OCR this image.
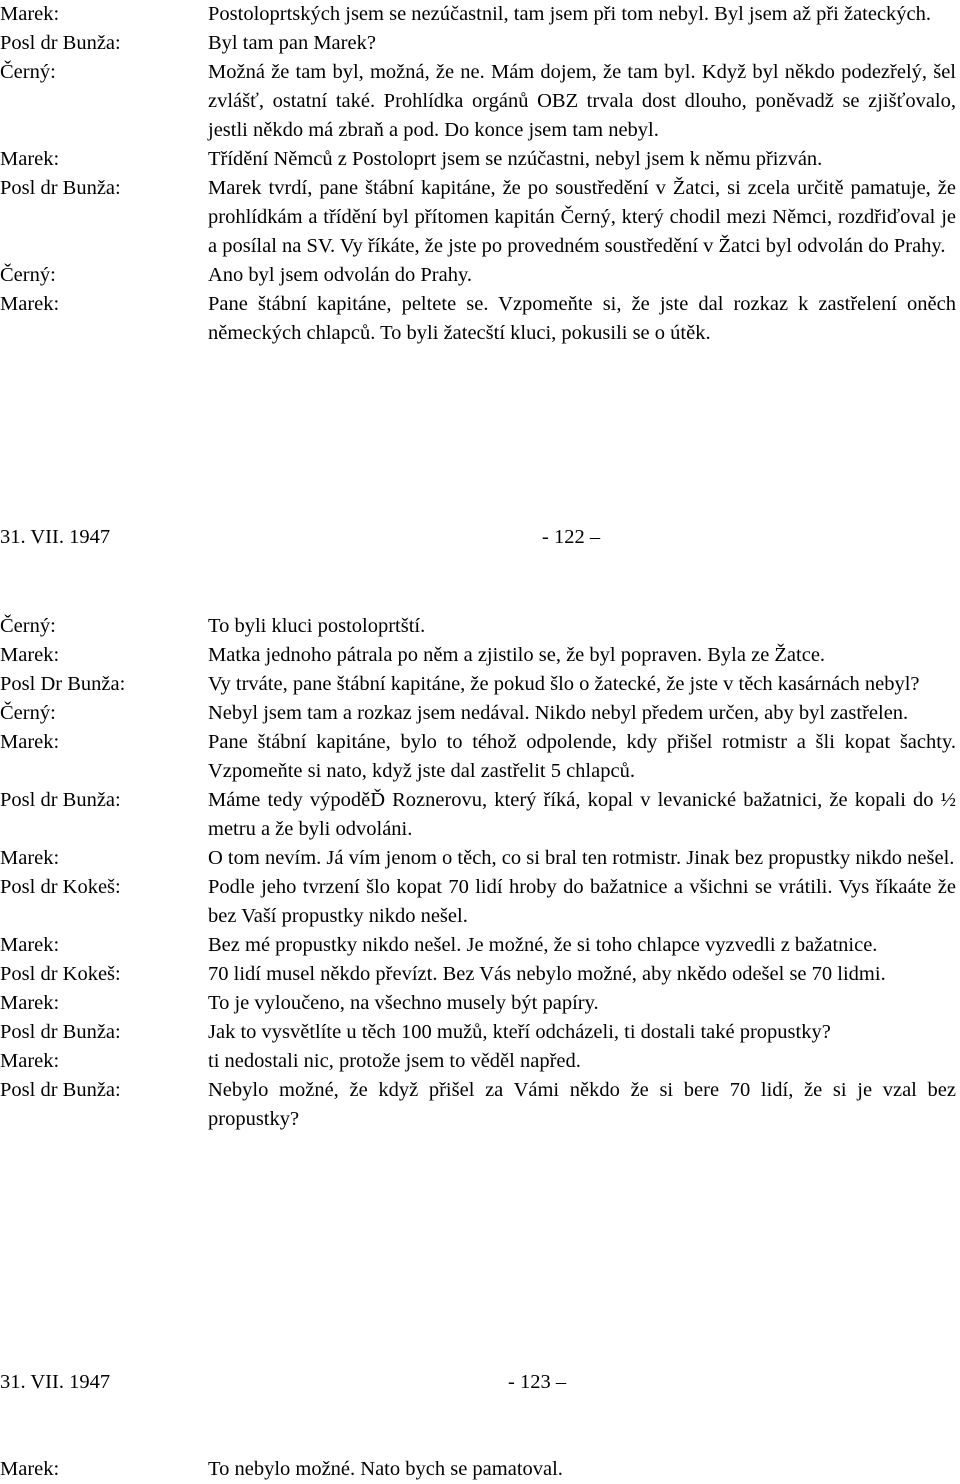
Marek:	Postoloprtských jsem se nezúčastnil, tam jsem při tom nebyl. Byl jsem až při žateckých.
Posl dr Bunža:	Byl tam pan Marek?
Černý:	Možná že tam byl, možná, že ne. Mám dojem, že tam byl. Když byl někdo podezřelý, šel zvlášť, ostatní také. Prohlídka orgánů OBZ trvala dost dlouho, poněvadž se zjišťovalo, jestli někdo má zbraň a pod. Do konce jsem tam nebyl.
Marek:	Třídění Němců z Postoloprt jsem se nzúčastni, nebyl jsem k němu přizván.
Posl dr Bunža:	Marek tvrdí, pane štábní kapitáne, že po soustředění v Žatci, si zcela určitě pamatuje, že prohlídkám a třídění byl přítomen kapitán Černý, který chodil mezi Němci, rozdřiďoval je a posílal na SV. Vy říkáte, že jste po provedném soustředění v Žatci byl odvolán do Prahy.
Černý:	Ano byl jsem odvolán do Prahy.
Marek:	Pane štábní kapitáne, peltete se. Vzpomeňte si, že jste dal rozkaz k zastřelení oněch německých chlapců. To byli žatecští kluci, pokusili se o útěk.
31. VII. 1947	- 122 –
Černý:	To byli kluci postoloprtští.
Marek:	Matka jednoho pátrala po něm a zjistilo se, že byl popraven. Byla ze Žatce.
Posl Dr Bunža:	Vy trváte, pane štábní kapitáne, že pokud šlo o žatecké, že jste v těch kasárnách nebyl?
Černý:	Nebyl jsem tam a rozkaz jsem nedával. Nikdo nebyl předem určen, aby byl zastřelen.
Marek:	Pane štábní kapitáne, bylo to téhož odpolende, kdy přišel rotmistr a šli kopat šachty. Vzpomeňte si nato, když jste dal zastřelit 5 chlapců.
Posl dr Bunža:	Máme tedy výpoděĎ Roznerovu, který říká, kopal v levanické bažatnici, že kopali do ½ metru a že byli odvoláni.
Marek:	O tom nevím. Já vím jenom o těch, co si bral ten rotmistr. Jinak bez propustky nikdo nešel.
Posl dr Kokeš:	Podle jeho tvrzení šlo kopat 70 lidí hroby do bažatnice a všichni se vrátili. Vys říkaáte že bez Vaší propustky nikdo nešel.
Marek:	Bez mé propustky nikdo nešel. Je možné, že si toho chlapce vyzvedli z bažatnice.
Posl dr Kokeš:	70 lidí musel někdo převízt. Bez Vás nebylo možné, aby nkědo odešel se 70 lidmi.
Marek:	To je vyloučeno, na všechno musely být papíry.
Posl dr Bunža:	Jak to vysvětlíte u těch 100 mužů, kteří odcházeli, ti dostali také propustky?
Marek:	ti nedostali nic, protože jsem to věděl napřed.
Posl dr Bunža:	Nebylo možné, že když přišel za Vámi někdo že si bere 70 lidí, že si je vzal bez propustky?
31. VII. 1947	- 123 –
Marek:	To nebylo možné. Nato bych se pamatoval.
